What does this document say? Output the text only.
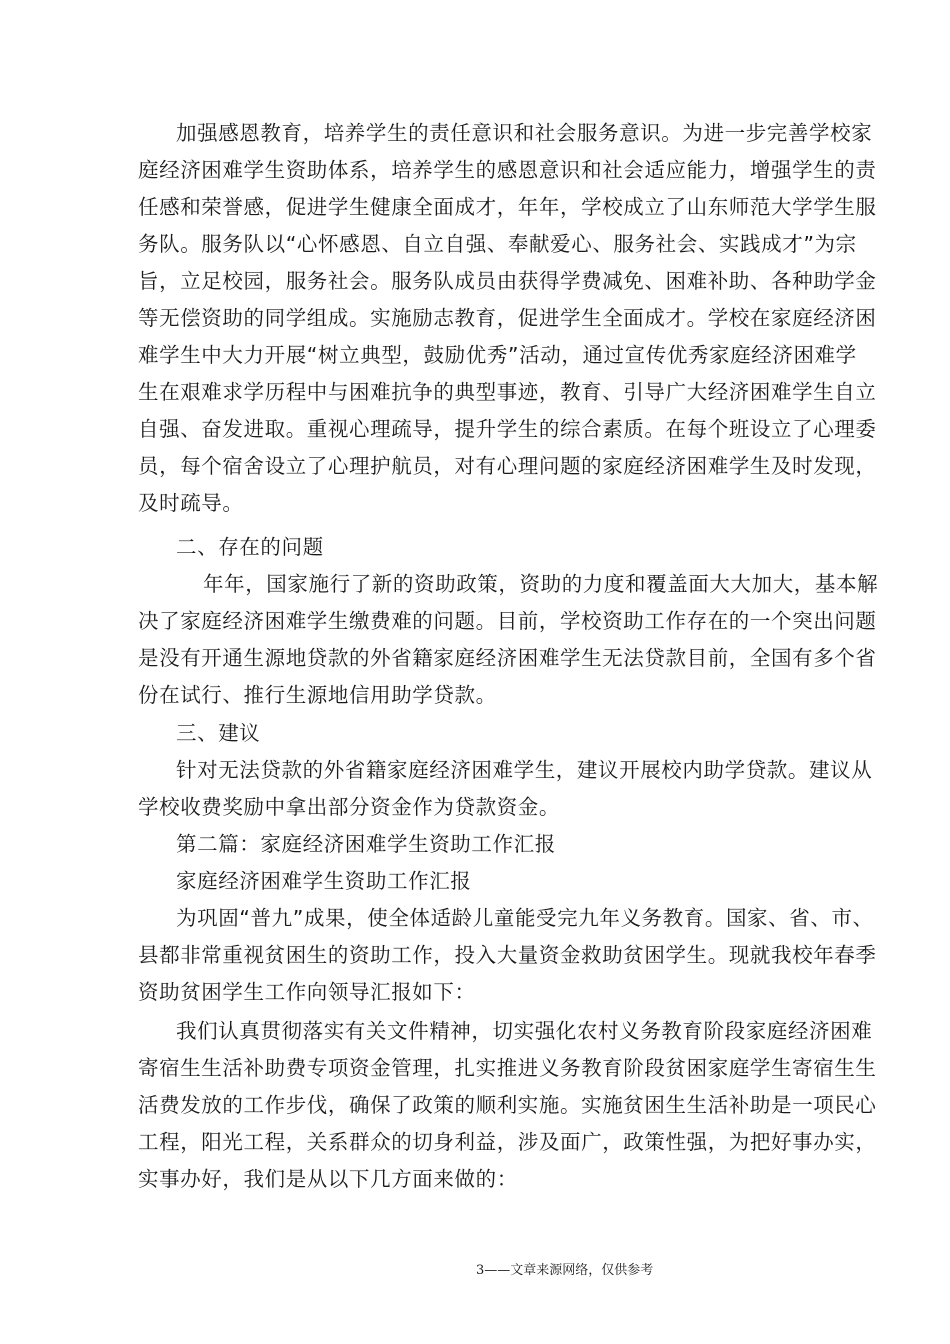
加强感恩教育，培养学生的责任意识和社会服务意识。为进一步完善学校家
庭经济困难学生资助体系，培养学生的感恩意识和社会适应能力，增强学生的责
任感和荣誉感，促进学生健康全面成才，年年，学校成立了山东师范大学学生服
务队。服务队以“心怀感恩、自立自强、奉献爱心、服务社会、实践成才”为宗
旨，立足校园，服务社会。服务队成员由获得学费减免、困难补助、各种助学金
等无偿资助的同学组成。实施励志教育，促进学生全面成才。学校在家庭经济困
难学生中大力开展“树立典型，鼓励优秀”活动，通过宣传优秀家庭经济困难学
生在艰难求学历程中与困难抗争的典型事迹，教育、引导广大经济困难学生自立
自强、奋发进取。重视心理疏导，提升学生的综合素质。在每个班设立了心理委
员，每个宿舍设立了心理护航员，对有心理问题的家庭经济困难学生及时发现，
及时疏导。
二、存在的问题
年年，国家施行了新的资助政策，资助的力度和覆盖面大大加大，基本解
决了家庭经济困难学生缴费难的问题。目前，学校资助工作存在的一个突出问题
是没有开通生源地贷款的外省籍家庭经济困难学生无法贷款目前，全国有多个省
份在试行、推行生源地信用助学贷款。
三、建议
针对无法贷款的外省籍家庭经济困难学生，建议开展校内助学贷款。建议从
学校收费奖励中拿出部分资金作为贷款资金。
第二篇：家庭经济困难学生资助工作汇报
家庭经济困难学生资助工作汇报
为巩固“普九”成果，使全体适龄儿童能受完九年义务教育。国家、省、市、
县都非常重视贫困生的资助工作，投入大量资金救助贫困学生。现就我校年春季
资助贫困学生工作向领导汇报如下：
我们认真贯彻落实有关文件精神，切实强化农村义务教育阶段家庭经济困难
寄宿生生活补助费专项资金管理，扎实推进义务教育阶段贫困家庭学生寄宿生生
活费发放的工作步伐，确保了政策的顺利实施。实施贫困生生活补助是一项民心
工程，阳光工程，关系群众的切身利益，涉及面广，政策性强，为把好事办实，
实事办好，我们是从以下几方面来做的：
3——文章来源网络，仅供参考
